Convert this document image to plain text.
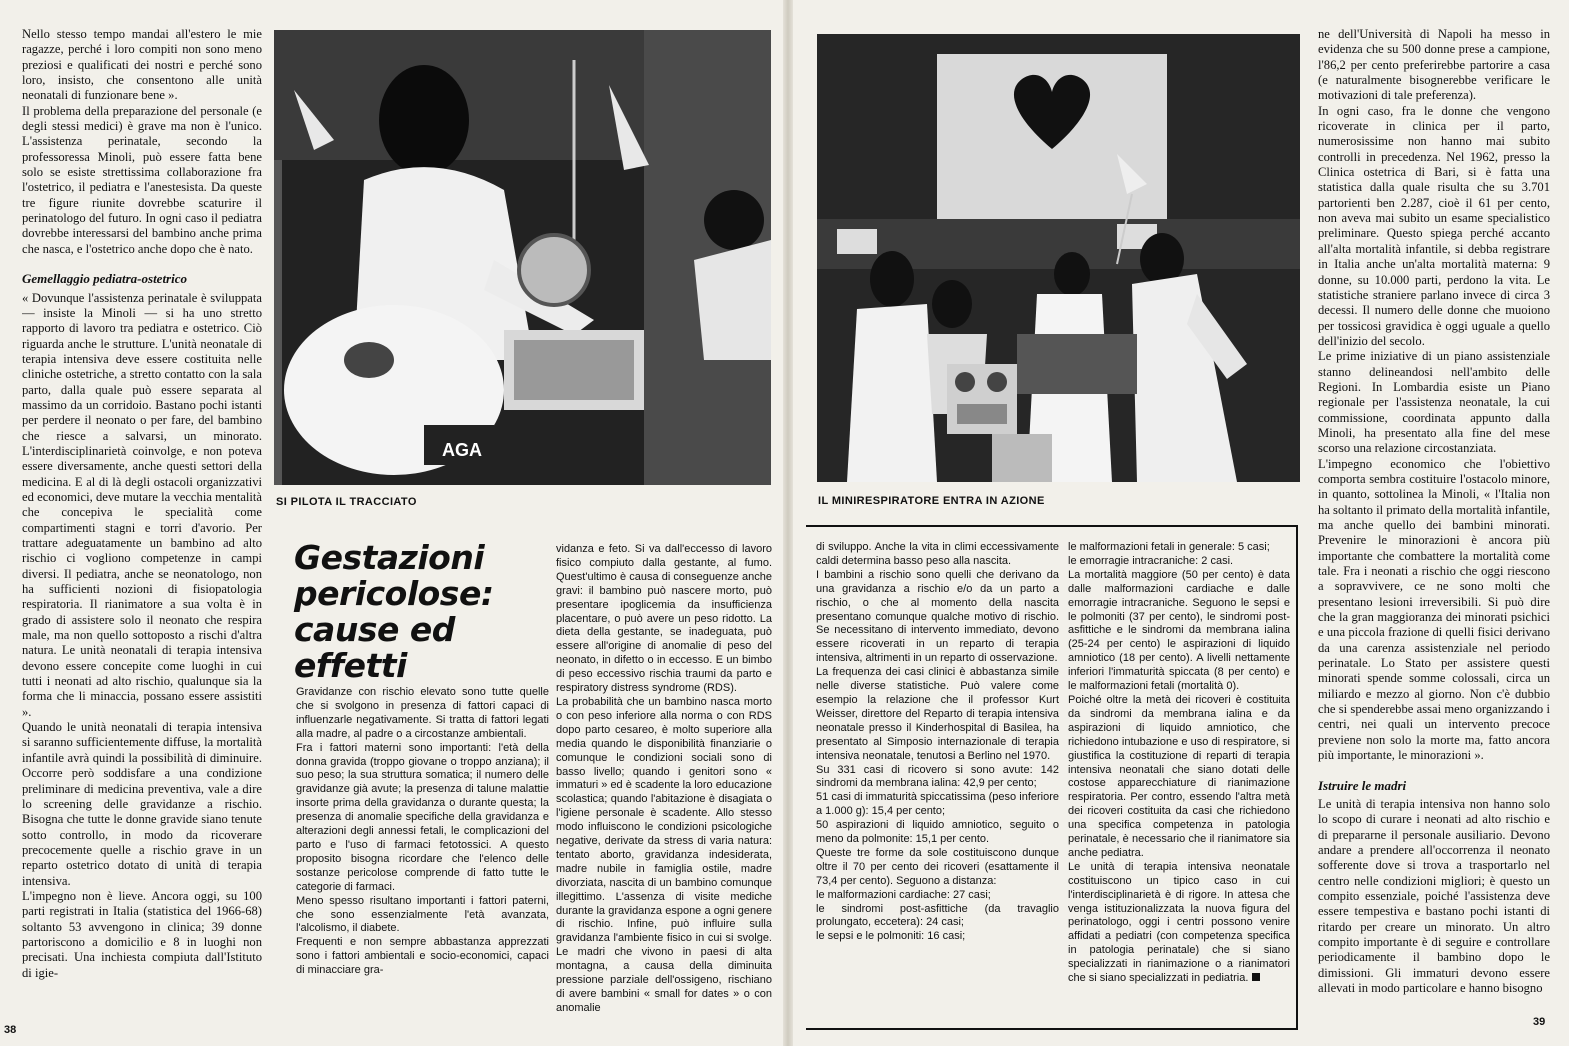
Nello stesso tempo mandai all'estero le mie ragazze, perché i loro compiti non sono meno preziosi e qualificati dei nostri e perché sono loro, insisto, che consentono alle unità neonatali di funzionare bene ».

Il problema della preparazione del personale (e degli stessi medici) è grave ma non è l'unico. L'assistenza perinatale, secondo la professoressa Minoli, può essere fatta bene solo se esiste strettissima collaborazione fra l'ostetrico, il pediatra e l'anestesista. Da queste tre figure riunite dovrebbe scaturire il perinatologo del futuro. In ogni caso il pediatra dovrebbe interessarsi del bambino anche prima che nasca, e l'ostetrico anche dopo che è nato.

Gemellaggio pediatra-ostetrico

« Dovunque l'assistenza perinatale è sviluppata — insiste la Minoli — si ha uno stretto rapporto di lavoro tra pediatra e ostetrico. Ciò riguarda anche le strutture. L'unità neonatale di terapia intensiva deve essere costituita nelle cliniche ostetriche, a stretto contatto con la sala parto, dalla quale può essere separata al massimo da un corridoio. Bastano pochi istanti per perdere il neonato o per fare, del bambino che riesce a salvarsi, un minorato. L'interdisciplinarietà coinvolge, e non poteva essere diversamente, anche questi settori della medicina. E al di là degli ostacoli organizzativi ed economici, deve mutare la vecchia mentalità che concepiva le specialità come compartimenti stagni e torri d'avorio. Per trattare adeguatamente un bambino ad alto rischio ci vogliono competenze in campi diversi. Il pediatra, anche se neonatologo, non ha sufficienti nozioni di fisiopatologia respiratoria. Il rianimatore a sua volta è in grado di assistere solo il neonato che respira male, ma non quello sottoposto a rischi d'altra natura. Le unità neonatali di terapia intensiva devono essere concepite come luoghi in cui tutti i neonati ad alto rischio, qualunque sia la forma che li minaccia, possano essere assistiti ».

Quando le unità neonatali di terapia intensiva si saranno sufficientemente diffuse, la mortalità infantile avrà quindi la possibilità di diminuire. Occorre però soddisfare a una condizione preliminare di medicina preventiva, vale a dire lo screening delle gravidanze a rischio. Bisogna che tutte le donne gravide siano tenute sotto controllo, in modo da ricoverare precocemente quelle a rischio grave in un reparto ostetrico dotato di unità di terapia intensiva.

L'impegno non è lieve. Ancora oggi, su 100 parti registrati in Italia (statistica del 1966-68) soltanto 53 avvengono in clinica; 39 donne partoriscono a domicilio e 8 in luoghi non precisati. Una inchiesta compiuta dall'Istituto di igie-

AGA
SI PILOTA IL TRACCIATO
Gestazioni pericolose: cause ed effetti

Gravidanze con rischio elevato sono tutte quelle che si svolgono in presenza di fattori capaci di influenzarle negativamente. Si tratta di fattori legati alla madre, al padre o a circostanze ambientali.

Fra i fattori materni sono importanti: l'età della donna gravida (troppo giovane o troppo anziana); il suo peso; la sua struttura somatica; il numero delle gravidanze già avute; la presenza di talune malattie insorte prima della gravidanza o durante questa; la presenza di anomalie specifiche della gravidanza e alterazioni degli annessi fetali, le complicazioni del parto e l'uso di farmaci fetotossici. A questo proposito bisogna ricordare che l'elenco delle sostanze pericolose comprende di fatto tutte le categorie di farmaci.

Meno spesso risultano importanti i fattori paterni, che sono essenzialmente l'età avanzata, l'alcolismo, il diabete.

Frequenti e non sempre abbastanza apprezzati sono i fattori ambientali e socio-economici, capaci di minacciare gra-

vidanza e feto. Si va dall'eccesso di lavoro fisico compiuto dalla gestante, al fumo. Quest'ultimo è causa di conseguenze anche gravi: il bambino può nascere morto, può presentare ipoglicemia da insufficienza placentare, o può avere un peso ridotto. La dieta della gestante, se inadeguata, può essere all'origine di anomalie di peso del neonato, in difetto o in eccesso. E un bimbo di peso eccessivo rischia traumi da parto e respiratory distress syndrome (RDS).

La probabilità che un bambino nasca morto o con peso inferiore alla norma o con RDS dopo parto cesareo, è molto superiore alla media quando le disponibilità finanziarie o comunque le condizioni sociali sono di basso livello; quando i genitori sono « immaturi » ed è scadente la loro educazione scolastica; quando l'abitazione è disagiata o l'igiene personale è scadente. Allo stesso modo influiscono le condizioni psicologiche negative, derivate da stress di varia natura: tentato aborto, gravidanza indesiderata, madre nubile in famiglia ostile, madre divorziata, nascita di un bambino comunque illegittimo. L'assenza di visite mediche durante la gravidanza espone a ogni genere di rischio. Infine, può influire sulla gravidanza l'ambiente fisico in cui si svolge. Le madri che vivono in paesi di alta montagna, a causa della diminuita pressione parziale dell'ossigeno, rischiano di avere bambini « small for dates » o con anomalie

38
IL MINIRESPIRATORE ENTRA IN AZIONE

di sviluppo. Anche la vita in climi eccessivamente caldi determina basso peso alla nascita.

I bambini a rischio sono quelli che derivano da una gravidanza a rischio e/o da un parto a rischio, o che al momento della nascita presentano comunque qualche motivo di rischio. Se necessitano di intervento immediato, devono essere ricoverati in un reparto di terapia intensiva, altrimenti in un reparto di osservazione.

La frequenza dei casi clinici è abbastanza simile nelle diverse statistiche. Può valere come esempio la relazione che il professor Kurt Weisser, direttore del Reparto di terapia intensiva neonatale presso il Kinderhospital di Basilea, ha presentato al Simposio internazionale di terapia intensiva neonatale, tenutosi a Berlino nel 1970.

Su 331 casi di ricovero si sono avute: 142 sindromi da membrana ialina: 42,9 per cento;

51 casi di immaturità spiccatissima (peso inferiore a 1.000 g): 15,4 per cento;

50 aspirazioni di liquido amniotico, seguito o meno da polmonite: 15,1 per cento.

Queste tre forme da sole costituiscono dunque oltre il 70 per cento dei ricoveri (esattamente il 73,4 per cento). Seguono a distanza:

le malformazioni cardiache: 27 casi;

le sindromi post-asfittiche (da travaglio prolungato, eccetera): 24 casi;

le sepsi e le polmoniti: 16 casi;

le malformazioni fetali in generale: 5 casi;

le emorragie intracraniche: 2 casi.

La mortalità maggiore (50 per cento) è data dalle malformazioni cardiache e dalle emorragie intracraniche. Seguono le sepsi e le polmoniti (37 per cento), le sindromi post-asfittiche e le sindromi da membrana ialina (25-24 per cento) le aspirazioni di liquido amniotico (18 per cento). A livelli nettamente inferiori l'immaturità spiccata (8 per cento) e le malformazioni fetali (mortalità 0).

Poiché oltre la metà dei ricoveri è costituita da sindromi da membrana ialina e da aspirazioni di liquido amniotico, che richiedono intubazione e uso di respiratore, si giustifica la costituzione di reparti di terapia intensiva neonatali che siano dotati delle costose apparecchiature di rianimazione respiratoria. Per contro, essendo l'altra metà dei ricoveri costituita da casi che richiedono una specifica competenza in patologia perinatale, è necessario che il rianimatore sia anche pediatra.

Le unità di terapia intensiva neonatale costituiscono un tipico caso in cui l'interdisciplinarietà è di rigore. In attesa che venga istituzionalizzata la nuova figura del perinatologo, oggi i centri possono venire affidati a pediatri (con competenza specifica in patologia perinatale) che si siano specializzati in rianimazione o a rianimatori che si siano specializzati in pediatria.

ne dell'Università di Napoli ha messo in evidenza che su 500 donne prese a campione, l'86,2 per cento preferirebbe partorire a casa (e naturalmente bisognerebbe verificare le motivazioni di tale preferenza).

In ogni caso, fra le donne che vengono ricoverate in clinica per il parto, numerosissime non hanno mai subito controlli in precedenza. Nel 1962, presso la Clinica ostetrica di Bari, si è fatta una statistica dalla quale risulta che su 3.701 partorienti ben 2.287, cioè il 61 per cento, non aveva mai subito un esame specialistico preliminare. Questo spiega perché accanto all'alta mortalità infantile, si debba registrare in Italia anche un'alta mortalità materna: 9 donne, su 10.000 parti, perdono la vita. Le statistiche straniere parlano invece di circa 3 decessi. Il numero delle donne che muoiono per tossicosi gravidica è oggi uguale a quello dell'inizio del secolo.

Le prime iniziative di un piano assistenziale stanno delineandosi nell'ambito delle Regioni. In Lombardia esiste un Piano regionale per l'assistenza neonatale, la cui commissione, coordinata appunto dalla Minoli, ha presentato alla fine del mese scorso una relazione circostanziata.

L'impegno economico che l'obiettivo comporta sembra costituire l'ostacolo minore, in quanto, sottolinea la Minoli, « l'Italia non ha soltanto il primato della mortalità infantile, ma anche quello dei bambini minorati. Prevenire le minorazioni è ancora più importante che combattere la mortalità come tale. Fra i neonati a rischio che oggi riescono a sopravvivere, ce ne sono molti che presentano lesioni irreversibili. Si può dire che la gran maggioranza dei minorati psichici e una piccola frazione di quelli fisici derivano da una carenza assistenziale nel periodo perinatale. Lo Stato per assistere questi minorati spende somme colossali, circa un miliardo e mezzo al giorno. Non c'è dubbio che si spenderebbe assai meno organizzando i centri, nei quali un intervento precoce previene non solo la morte ma, fatto ancora più importante, le minorazioni ».

Istruire le madri

Le unità di terapia intensiva non hanno solo lo scopo di curare i neonati ad alto rischio e di prepararne il personale ausiliario. Devono andare a prendere all'occorrenza il neonato sofferente dove si trova a trasportarlo nel centro nelle condizioni migliori; è questo un compito essenziale, poiché l'assistenza deve essere tempestiva e bastano pochi istanti di ritardo per creare un minorato. Un altro compito importante è di seguire e controllare periodicamente il bambino dopo le dimissioni. Gli immaturi devono essere allevati in modo particolare e hanno bisogno

39
